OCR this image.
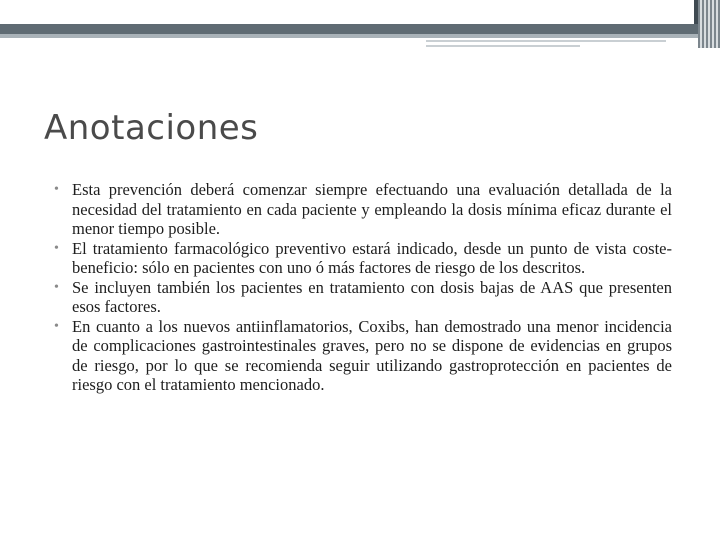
Anotaciones
• Esta prevención deberá comenzar siempre efectuando una evaluación detallada de la necesidad del tratamiento en cada paciente y empleando la dosis mínima eficaz durante el menor tiempo posible.
• El tratamiento farmacológico preventivo estará indicado, desde un punto de vista coste-beneficio: sólo en pacientes con uno ó más factores de riesgo de los descritos.
• Se incluyen también los pacientes en tratamiento con dosis bajas de AAS que presenten esos factores.
• En cuanto a los nuevos antiinflamatorios, Coxibs, han demostrado una menor incidencia de complicaciones gastrointestinales graves, pero no se dispone de evidencias en grupos de riesgo, por lo que se recomienda seguir utilizando gastroprotección en pacientes de riesgo con el tratamiento mencionado.
